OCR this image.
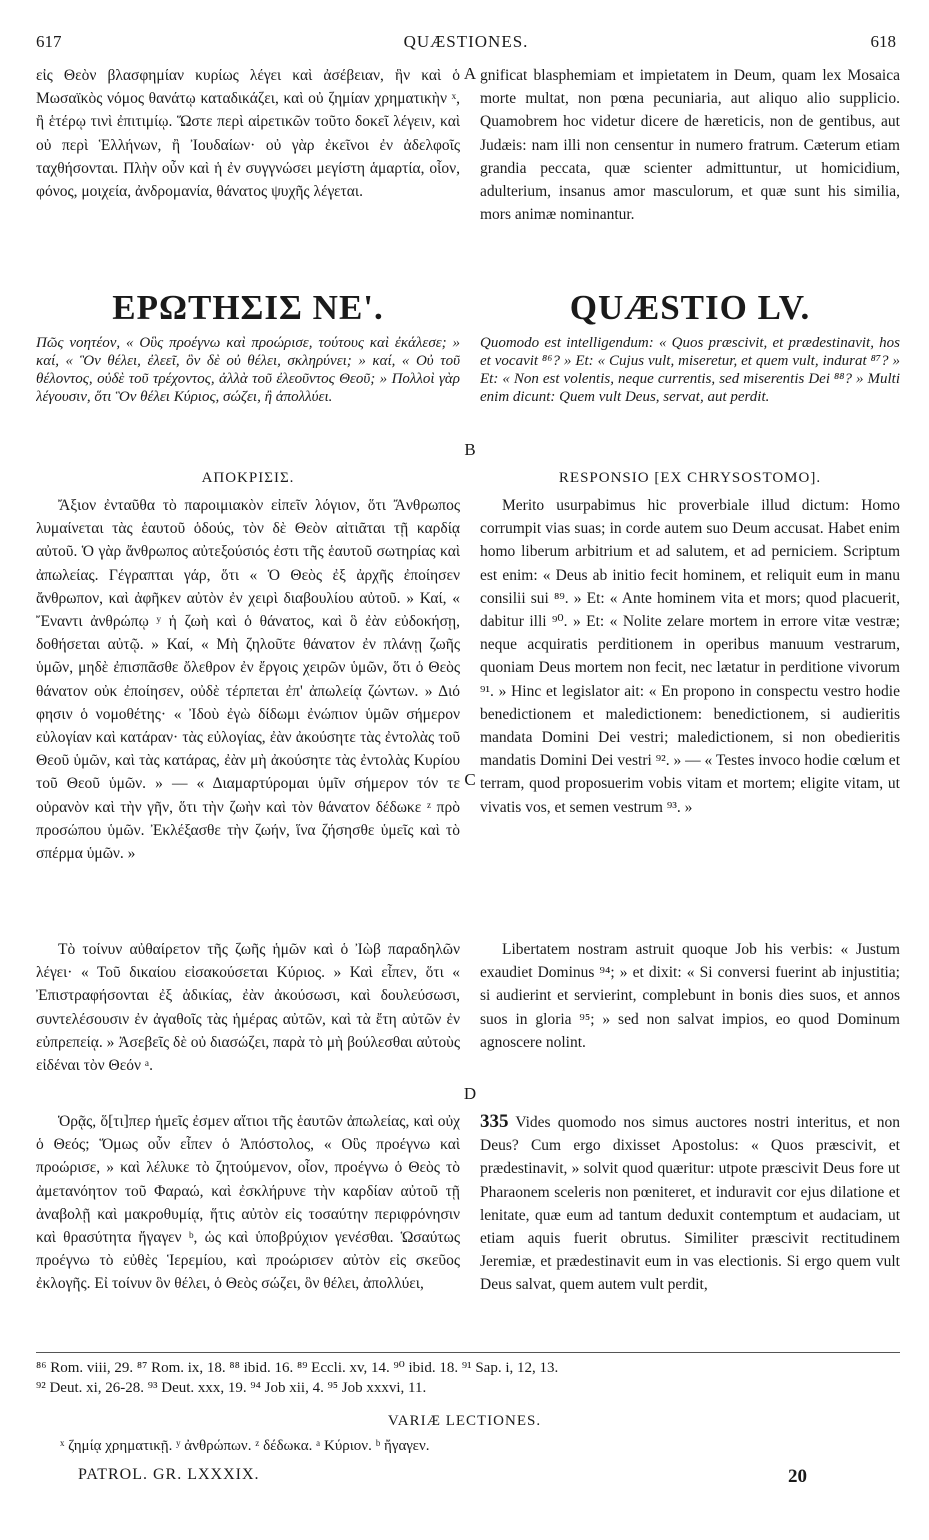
617	QUÆSTIONES.	618
A
B
C
D

εἰς Θεὸν βλασφημίαν κυρίως λέγει καὶ ἀσέβειαν, ἣν καὶ ὁ Μωσαϊκὸς νόμος θανάτῳ καταδικάζει, καὶ οὐ ζημίαν χρηματικὴν ˣ, ἢ ἑτέρῳ τινὶ ἐπιτιμίῳ. Ὥστε περὶ αἱρετικῶν τοῦτο δοκεῖ λέγειν, καὶ οὐ περὶ Ἑλλήνων, ἢ Ἰουδαίων· οὐ γὰρ ἐκεῖνοι ἐν ἀδελφοῖς ταχθήσονται. Πλὴν οὖν καὶ ἡ ἐν συγγνώσει μεγίστη ἁμαρτία, οἷον, φόνος, μοιχεία, ἀνδρομανία, θάνατος ψυχῆς λέγεται.

ΕΡΩΤΗΣΙΣ ΝΕ'.

Πῶς νοητέον, « Οὓς προέγνω καὶ προώρισε, τούτους καὶ ἐκάλεσε; » καί, « Ὃν θέλει, ἐλεεῖ, ὃν δὲ οὐ θέλει, σκληρύνει; » καί, « Οὐ τοῦ θέλοντος, οὐδὲ τοῦ τρέχοντος, ἀλλὰ τοῦ ἐλεοῦντος Θεοῦ; » Πολλοὶ γὰρ λέγουσιν, ὅτι Ὃν θέλει Κύριος, σώζει, ἢ ἀπολλύει.

ΑΠΟΚΡΙΣΙΣ.

Ἄξιον ἐνταῦθα τὸ παροιμιακὸν εἰπεῖν λόγιον, ὅτι Ἄνθρωπος λυμαίνεται τὰς ἑαυτοῦ ὁδούς, τὸν δὲ Θεὸν αἰτιᾶται τῇ καρδίᾳ αὐτοῦ. Ὁ γὰρ ἄνθρωπος αὐτεξούσιός ἐστι τῆς ἑαυτοῦ σωτηρίας καὶ ἀπωλείας. Γέγραπται γάρ, ὅτι « Ὁ Θεὸς ἐξ ἀρχῆς ἐποίησεν ἄνθρωπον, καὶ ἀφῆκεν αὐτὸν ἐν χειρὶ διαβουλίου αὐτοῦ. » Καί, « Ἔναντι ἀνθρώπῳ ʸ ἡ ζωὴ καὶ ὁ θάνατος, καὶ ὃ ἐὰν εὐδοκήσῃ, δοθήσεται αὐτῷ. » Καί, « Μὴ ζηλοῦτε θάνατον ἐν πλάνῃ ζωῆς ὑμῶν, μηδὲ ἐπισπᾶσθε ὄλεθρον ἐν ἔργοις χειρῶν ὑμῶν, ὅτι ὁ Θεὸς θάνατον οὐκ ἐποίησεν, οὐδὲ τέρπεται ἐπ' ἀπωλείᾳ ζώντων. » Διό φησιν ὁ νομοθέτης· « Ἰδοὺ ἐγὼ δίδωμι ἐνώπιον ὑμῶν σήμερον εὐλογίαν καὶ κατάραν· τὰς εὐλογίας, ἐὰν ἀκούσητε τὰς ἐντολὰς τοῦ Θεοῦ ὑμῶν, καὶ τὰς κατάρας, ἐὰν μὴ ἀκούσητε τὰς ἐντολὰς Κυρίου τοῦ Θεοῦ ὑμῶν. » — « Διαμαρτύρομαι ὑμῖν σήμερον τόν τε οὐρανὸν καὶ τὴν γῆν, ὅτι τὴν ζωὴν καὶ τὸν θάνατον δέδωκε ᶻ πρὸ προσώπου ὑμῶν. Ἐκλέξασθε τὴν ζωήν, ἵνα ζήσησθε ὑμεῖς καὶ τὸ σπέρμα ὑμῶν. »

Τὸ τοίνυν αὐθαίρετον τῆς ζωῆς ἡμῶν καὶ ὁ Ἰὼβ παραδηλῶν λέγει· « Τοῦ δικαίου εἰσακούσεται Κύριος. » Καὶ εἶπεν, ὅτι « Ἐπιστραφήσονται ἐξ ἀδικίας, ἐὰν ἀκούσωσι, καὶ δουλεύσωσι, συντελέσουσιν ἐν ἀγαθοῖς τὰς ἡμέρας αὐτῶν, καὶ τὰ ἔτη αὐτῶν ἐν εὐπρεπείᾳ. » Ἀσεβεῖς δὲ οὐ διασώζει, παρὰ τὸ μὴ βούλεσθαι αὐτοὺς εἰδέναι τὸν Θεόν ᵃ.

Ὁρᾷς, ὅ[τι]περ ἡμεῖς ἐσμεν αἴτιοι τῆς ἑαυτῶν ἀπωλείας, καὶ οὐχ ὁ Θεός; Ὅμως οὖν εἶπεν ὁ Ἀπόστολος, « Οὓς προέγνω καὶ προώρισε, » καὶ λέλυκε τὸ ζητούμενον, οἷον, προέγνω ὁ Θεὸς τὸ ἀμετανόητον τοῦ Φαραώ, καὶ ἐσκλήρυνε τὴν καρδίαν αὐτοῦ τῇ ἀναβολῇ καὶ μακροθυμίᾳ, ἥτις αὐτὸν εἰς τοσαύτην περιφρόνησιν καὶ θρασύτητα ἤγαγεν ᵇ, ὡς καὶ ὑποβρύχιον γενέσθαι. Ὡσαύτως προέγνω τὸ εὐθὲς Ἱερεμίου, καὶ προώρισεν αὐτὸν εἰς σκεῦος ἐκλογῆς. Εἰ τοίνυν ὃν θέλει, ὁ Θεὸς σώζει, ὃν θέλει, ἀπολλύει,

gnificat blasphemiam et impietatem in Deum, quam lex Mosaica morte multat, non pœna pecuniaria, aut aliquo alio supplicio. Quamobrem hoc videtur dicere de hæreticis, non de gentibus, aut Judæis: nam illi non censentur in numero fratrum. Cæterum etiam grandia peccata, quæ scienter admittuntur, ut homicidium, adulterium, insanus amor masculorum, et quæ sunt his similia, mors animæ nominantur.

QUÆSTIO LV.

Quomodo est intelligendum: « Quos præscivit, et prædestinavit, hos et vocavit ⁸⁶? » Et: « Cujus vult, miseretur, et quem vult, indurat ⁸⁷? » Et: « Non est volentis, neque currentis, sed miserentis Dei ⁸⁸? » Multi enim dicunt: Quem vult Deus, servat, aut perdit.

RESPONSIO [EX CHRYSOSTOMO].

Merito usurpabimus hic proverbiale illud dictum: Homo corrumpit vias suas; in corde autem suo Deum accusat. Habet enim homo liberum arbitrium et ad salutem, et ad perniciem. Scriptum est enim: « Deus ab initio fecit hominem, et reliquit eum in manu consilii sui ⁸⁹. » Et: « Ante hominem vita et mors; quod placuerit, dabitur illi ⁹⁰. » Et: « Nolite zelare mortem in errore vitæ vestræ; neque acquiratis perditionem in operibus manuum vestrarum, quoniam Deus mortem non fecit, nec lætatur in perditione vivorum ⁹¹. » Hinc et legislator ait: « En propono in conspectu vestro hodie benedictionem et maledictionem: benedictionem, si audieritis mandata Domini Dei vestri; maledictionem, si non obedieritis mandatis Domini Dei vestri ⁹². » — « Testes invoco hodie cœlum et terram, quod proposuerim vobis vitam et mortem; eligite vitam, ut vivatis vos, et semen vestrum ⁹³. »

Libertatem nostram astruit quoque Job his verbis: « Justum exaudiet Dominus ⁹⁴; » et dixit: « Si conversi fuerint ab injustitia; si audierint et servierint, complebunt in bonis dies suos, et annos suos in gloria ⁹⁵; » sed non salvat impios, eo quod Dominum agnoscere nolint.

335 Vides quomodo nos simus auctores nostri interitus, et non Deus? Cum ergo dixisset Apostolus: « Quos præscivit, et prædestinavit, » solvit quod quæritur: utpote præscivit Deus fore ut Pharaonem sceleris non pœniteret, et induravit cor ejus dilatione et lenitate, quæ eum ad tantum deduxit contemptum et audaciam, ut etiam aquis fuerit obrutus. Similiter præscivit rectitudinem Jeremiæ, et prædestinavit eum in vas electionis. Si ergo quem vult Deus salvat, quem autem vult perdit,

⁸⁶ Rom. viii, 29. ⁸⁷ Rom. ix, 18. ⁸⁸ ibid. 16. ⁸⁹ Eccli. xv, 14. ⁹⁰ ibid. 18. ⁹¹ Sap. i, 12, 13.
⁹² Deut. xi, 26-28. ⁹³ Deut. xxx, 19. ⁹⁴ Job xii, 4. ⁹⁵ Job xxxvi, 11.
VARIÆ LECTIONES.
ˣ ζημίᾳ χρηματικῇ. ʸ ἀνθρώπων. ᶻ δέδωκα. ᵃ Κύριον. ᵇ ἤγαγεν.
PATROL. GR. LXXXIX.	20
